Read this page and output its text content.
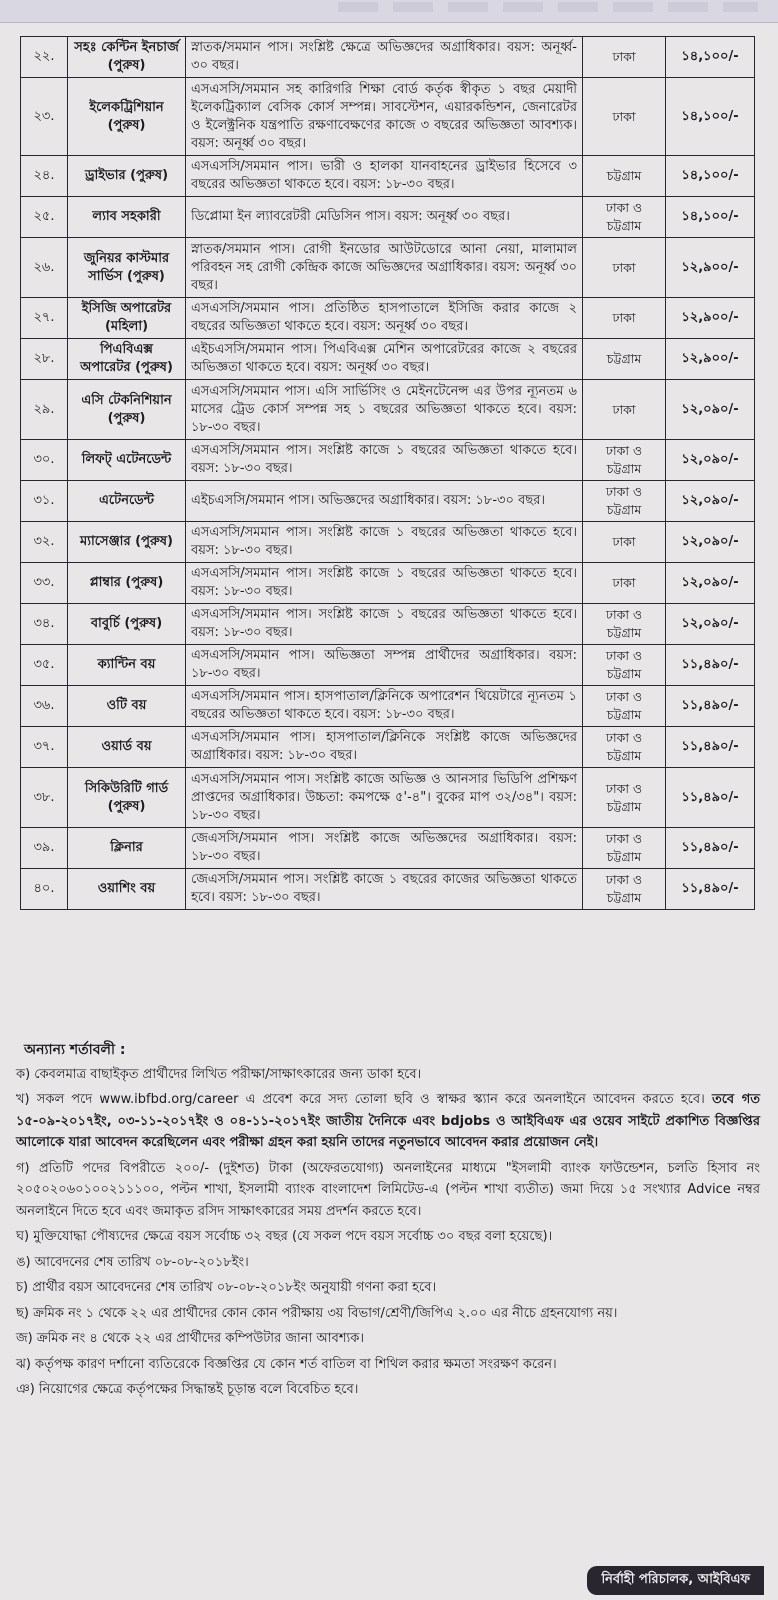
২২.	সহঃ কেন্টিন ইনচার্জ (পুরুষ)	স্নাতক/সমমান পাস। সংশ্লিষ্ট ক্ষেত্রে অভিজ্ঞদের অগ্রাধিকার। বয়স: অনূর্ধ্ব- ৩০ বছর।	ঢাকা	১৪,১০০/-
২৩.	ইলেকট্রিশিয়ান (পুরুষ)	এসএসসি/সমমান সহ কারিগরি শিক্ষা বোর্ড কর্তৃক স্বীকৃত ১ বছর মেয়াদী ইলেকট্রিক্যাল বেসিক কোর্স সম্পন্ন। সাবস্টেশন, এয়ারকন্ডিশন, জেনারেটর ও ইলেক্ট্রনিক যন্ত্রপাতি রক্ষণাবেক্ষণের কাজে ৩ বছরের অভিজ্ঞতা আবশ্যক। বয়স: অনূর্ধ্ব ৩০ বছর।	ঢাকা	১৪,১০০/-
২৪.	ড্রাইভার (পুরুষ)	এসএসসি/সমমান পাস। ভারী ও হালকা যানবাহনের ড্রাইভার হিসেবে ৩ বছরের অভিজ্ঞতা থাকতে হবে। বয়স: ১৮-৩০ বছর।	চট্টগ্রাম	১৪,১০০/-
২৫.	ল্যাব সহকারী	ডিপ্লোমা ইন ল্যাবরেটরী মেডিসিন পাস। বয়স: অনূর্ধ্ব ৩০ বছর।	ঢাকা ও চট্টগ্রাম	১৪,১০০/-
২৬.	জুনিয়র কাস্টমার সার্ভিস (পুরুষ)	স্নাতক/সমমান পাস। রোগী ইনডোর আউটডোরে আনা নেয়া, মালামাল পরিবহন সহ রোগী কেন্দ্রিক কাজে অভিজ্ঞদের অগ্রাধিকার। বয়স: অনূর্ধ্ব ৩০ বছর।	ঢাকা	১২,৯০০/-
২৭.	ইসিজি অপারেটর (মহিলা)	এসএসসি/সমমান পাস। প্রতিষ্ঠিত হাসপাতালে ইসিজি করার কাজে ২ বছরের অভিজ্ঞতা থাকতে হবে। বয়স: অনূর্ধ্ব ৩০ বছর।	ঢাকা	১২,৯০০/-
২৮.	পিএবিএক্স অপারেটর (পুরুষ)	এইচএসসি/সমমান পাস। পিএবিএক্স মেশিন অপারেটরের কাজে ২ বছরের অভিজ্ঞতা থাকতে হবে। বয়স: অনূর্ধ্ব ৩০ বছর।	চট্টগ্রাম	১২,৯০০/-
২৯.	এসি টেকনিশিয়ান (পুরুষ)	এসএসসি/সমমান পাস। এসি সার্ভিসিং ও মেইনটেনেন্স এর উপর ন্যূনতম ৬ মাসের ট্রেড কোর্স সম্পন্ন সহ ১ বছরের অভিজ্ঞতা থাকতে হবে। বয়স: ১৮-৩০ বছর।	ঢাকা	১২,০৯০/-
৩০.	লিফট্ এটেনডেন্ট	এসএসসি/সমমান পাস। সংশ্লিষ্ট কাজে ১ বছরের অভিজ্ঞতা থাকতে হবে। বয়স: ১৮-৩০ বছর।	ঢাকা ও চট্টগ্রাম	১২,০৯০/-
৩১.	এটেনডেন্ট	এইচএসসি/সমমান পাস। অভিজ্ঞদের অগ্রাধিকার। বয়স: ১৮-৩০ বছর।	ঢাকা ও চট্টগ্রাম	১২,০৯০/-
৩২.	ম্যাসেঞ্জার (পুরুষ)	এসএসসি/সমমান পাস। সংশ্লিষ্ট কাজে ১ বছরের অভিজ্ঞতা থাকতে হবে। বয়স: ১৮-৩০ বছর।	ঢাকা	১২,০৯০/-
৩৩.	প্লাম্বার (পুরুষ)	এসএসসি/সমমান পাস। সংশ্লিষ্ট কাজে ১ বছরের অভিজ্ঞতা থাকতে হবে। বয়স: ১৮-৩০ বছর।	ঢাকা	১২,০৯০/-
৩৪.	বাবুর্চি (পুরুষ)	এসএসসি/সমমান পাস। সংশ্লিষ্ট কাজে ১ বছরের অভিজ্ঞতা থাকতে হবে। বয়স: ১৮-৩০ বছর।	ঢাকা ও চট্টগ্রাম	১২,০৯০/-
৩৫.	ক্যান্টিন বয়	এসএসসি/সমমান পাস। অভিজ্ঞতা সম্পন্ন প্রার্থীদের অগ্রাধিকার। বয়স: ১৮-৩০ বছর।	ঢাকা ও চট্টগ্রাম	১১,৪৯০/-
৩৬.	ওটি বয়	এসএসসি/সমমান পাস। হাসপাতাল/ক্লিনিকে অপারেশন থিয়েটারে ন্যূনতম ১ বছরের অভিজ্ঞতা থাকতে হবে। বয়স: ১৮-৩০ বছর।	ঢাকা ও চট্টগ্রাম	১১,৪৯০/-
৩৭.	ওয়ার্ড বয়	এসএসসি/সমমান পাস। হাসপাতাল/ক্লিনিকে সংশ্লিষ্ট কাজে অভিজ্ঞদের অগ্রাধিকার। বয়স: ১৮-৩০ বছর।	ঢাকা ও চট্টগ্রাম	১১,৪৯০/-
৩৮.	সিকিউরিটি গার্ড (পুরুষ)	এসএসসি/সমমান পাস। সংশ্লিষ্ট কাজে অভিজ্ঞ ও আনসার ভিডিপি প্রশিক্ষণ প্রাপ্তদের অগ্রাধিকার। উচ্চতা: কমপক্ষে ৫'-৪"। বুকের মাপ ৩২/৩৪"। বয়স: ১৮-৩০ বছর।	ঢাকা ও চট্টগ্রাম	১১,৪৯০/-
৩৯.	ক্লিনার	জেএসসি/সমমান পাস। সংশ্লিষ্ট কাজে অভিজ্ঞদের অগ্রাধিকার। বয়স: ১৮-৩০ বছর।	ঢাকা ও চট্টগ্রাম	১১,৪৯০/-
৪০.	ওয়াশিং বয়	জেএসসি/সমমান পাস। সংশ্লিষ্ট কাজে ১ বছরের কাজের অভিজ্ঞতা থাকতে হবে। বয়স: ১৮-৩০ বছর।	ঢাকা ও চট্টগ্রাম	১১,৪৯০/-
অন্যান্য শর্তাবলী :

ক) কেবলমাত্র বাছাইকৃত প্রার্থীদের লিখিত পরীক্ষা/সাক্ষাৎকারের জন্য ডাকা হবে।

খ) সকল পদে www.ibfbd.org/career এ প্রবেশ করে সদ্য তোলা ছবি ও স্বাক্ষর স্ক্যান করে অনলাইনে আবেদন করতে হবে। তবে গত ১৫-০৯-২০১৭ইং, ০৩-১১-২০১৭ইং ও ০৪-১১-২০১৭ইং জাতীয় দৈনিকে এবং bdjobs ও আইবিএফ এর ওয়েব সাইটে প্রকাশিত বিজ্ঞপ্তির আলোকে যারা আবেদন করেছিলেন এবং পরীক্ষা গ্রহন করা হয়নি তাদের নতুনভাবে আবেদন করার প্রয়োজন নেই।

গ) প্রতিটি পদের বিপরীতে ২০০/- (দুইশত) টাকা (অফেরতযোগ্য) অনলাইনের মাধ্যমে "ইসলামী ব্যাংক ফাউন্ডেশন, চলতি হিসাব নং ২০৫০২০৬০১০০২১১১০০, পল্টন শাখা, ইসলামী ব্যাংক বাংলাদেশ লিমিটেড-এ (পল্টন শাখা ব্যতীত) জমা দিয়ে ১৫ সংখ্যার Advice নম্বর অনলাইনে দিতে হবে এবং জমাকৃত রসিদ সাক্ষাৎকারের সময় প্রদর্শন করতে হবে।

ঘ) মুক্তিযোদ্ধা পৌষ্যদের ক্ষেত্রে বয়স সর্বোচ্চ ৩২ বছর (যে সকল পদে বয়স সর্বোচ্চ ৩০ বছর বলা হয়েছে)।

ঙ) আবেদনের শেষ তারিখ ০৮-০৮-২০১৮ইং।

চ) প্রার্থীর বয়স আবেদনের শেষ তারিখ ০৮-০৮-২০১৮ইং অনুযায়ী গণনা করা হবে।

ছ) ক্রমিক নং ১ থেকে ২২ এর প্রার্থীদের কোন কোন পরীক্ষায় ৩য় বিভাগ/শ্রেণী/জিপিএ ২.০০ এর নীচে গ্রহনযোগ্য নয়।

জ) ক্রমিক নং ৪ থেকে ২২ এর প্রার্থীদের কম্পিউটার জানা আবশ্যক।

ঝ) কর্তৃপক্ষ কারণ দর্শানো ব্যতিরেকে বিজ্ঞপ্তির যে কোন শর্ত বাতিল বা শিথিল করার ক্ষমতা সংরক্ষণ করেন।

ঞ) নিয়োগের ক্ষেত্রে কর্তৃপক্ষের সিদ্ধান্তই চূড়ান্ত বলে বিবেচিত হবে।

নির্বাহী পরিচালক, আইবিএফ
